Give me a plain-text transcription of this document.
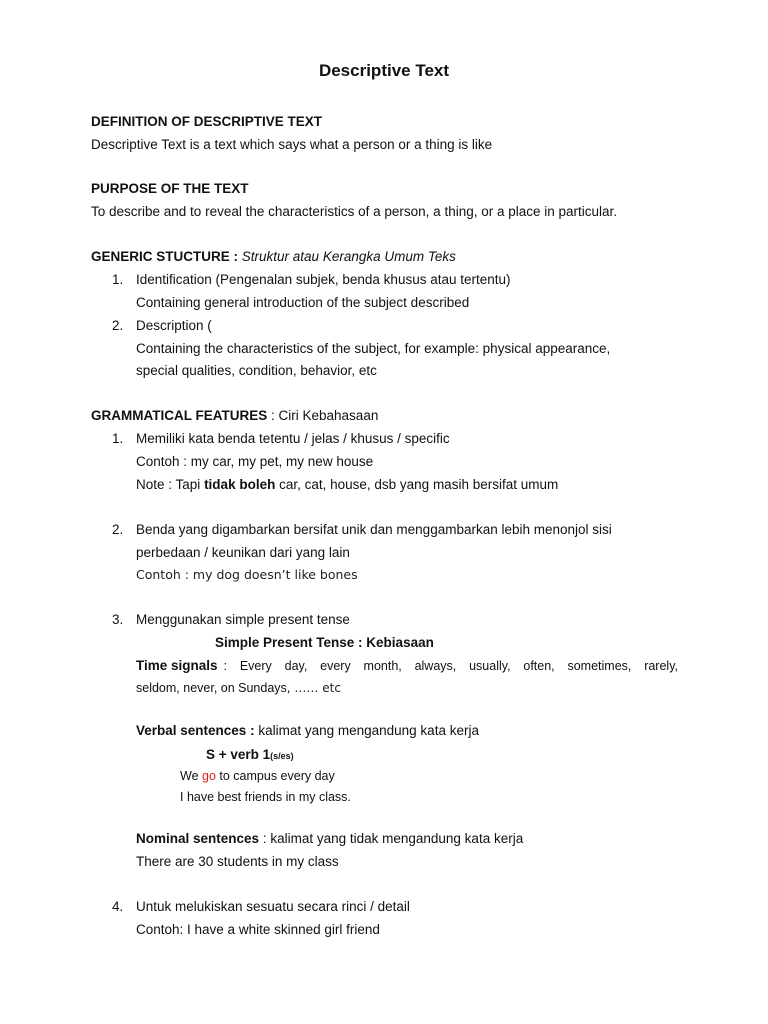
Descriptive Text
DEFINITION OF DESCRIPTIVE TEXT
Descriptive Text is a text which says what a person or a thing is like
PURPOSE OF THE TEXT
To describe and to reveal the characteristics of a person, a thing, or a place in particular.
GENERIC STUCTURE : Struktur atau Kerangka Umum Teks
1. Identification (Pengenalan subjek, benda khusus atau tertentu)
Containing general introduction of the subject described
2. Description (
Containing the characteristics of the subject, for example: physical appearance,
special qualities, condition, behavior, etc
GRAMMATICAL FEATURES : Ciri Kebahasaan
1. Memiliki kata benda tetentu / jelas / khusus / specific
Contoh : my car, my pet, my new house
Note : Tapi tidak boleh car, cat, house, dsb yang masih bersifat umum
2. Benda yang digambarkan bersifat unik dan menggambarkan lebih menonjol sisi
perbedaan / keunikan dari yang lain
Contoh : my dog doesn’t like bones
3. Menggunakan simple present tense
Simple Present Tense : Kebiasaan
Time signals : Every day, every month, always, usually, often, sometimes, rarely,
seldom, never, on Sundays, …… etc
Verbal sentences : kalimat yang mengandung kata kerja
S + verb 1(s/es)
We go to campus every day
I have best friends in my class.
Nominal sentences : kalimat yang tidak mengandung kata kerja
There are 30 students in my class
4. Untuk melukiskan sesuatu secara rinci / detail
Contoh: I have a white skinned girl friend
